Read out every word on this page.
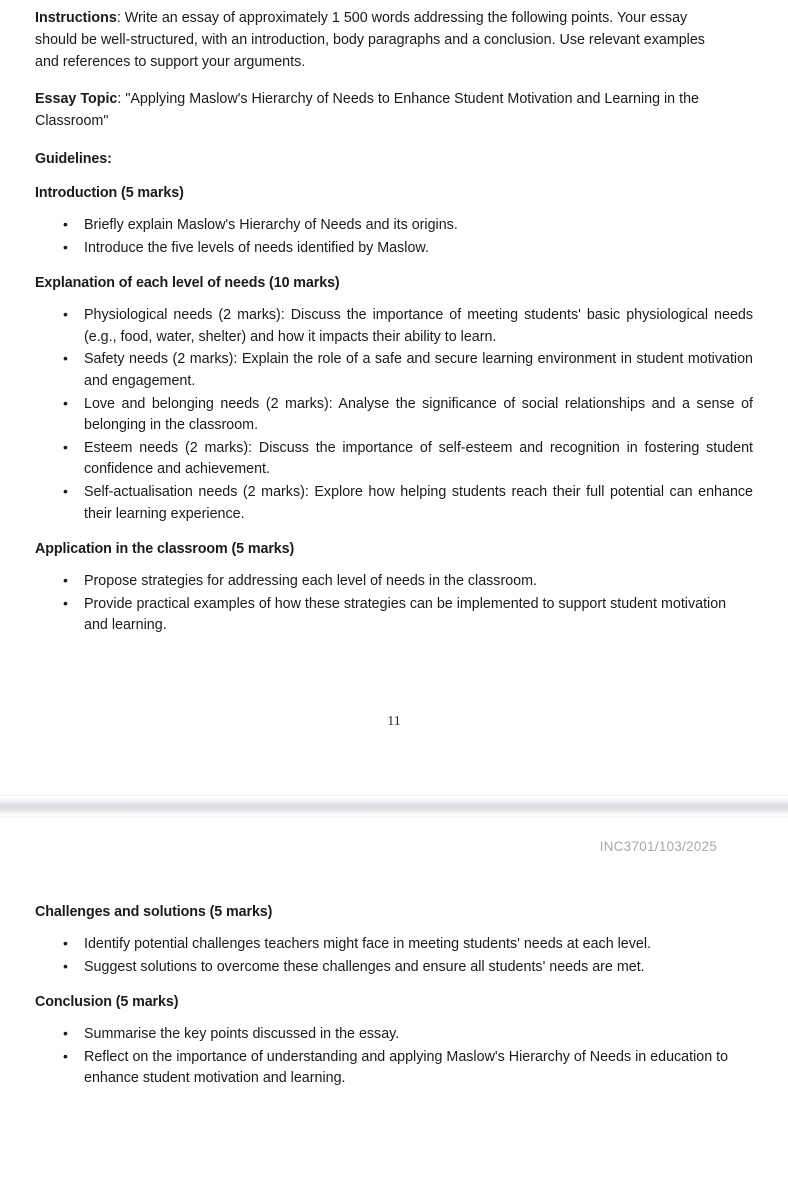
Instructions: Write an essay of approximately 1 500 words addressing the following points. Your essay should be well-structured, with an introduction, body paragraphs and a conclusion. Use relevant examples and references to support your arguments.

Essay Topic: "Applying Maslow's Hierarchy of Needs to Enhance Student Motivation and Learning in the Classroom"

Guidelines:
Introduction (5 marks)
• Briefly explain Maslow's Hierarchy of Needs and its origins.
• Introduce the five levels of needs identified by Maslow.
Explanation of each level of needs (10 marks)
• Physiological needs (2 marks): Discuss the importance of meeting students' basic physiological needs (e.g., food, water, shelter) and how it impacts their ability to learn.
• Safety needs (2 marks): Explain the role of a safe and secure learning environment in student motivation and engagement.
• Love and belonging needs (2 marks): Analyse the significance of social relationships and a sense of belonging in the classroom.
• Esteem needs (2 marks): Discuss the importance of self-esteem and recognition in fostering student confidence and achievement.
• Self-actualisation needs (2 marks): Explore how helping students reach their full potential can enhance their learning experience.
Application in the classroom (5 marks)
• Propose strategies for addressing each level of needs in the classroom.
• Provide practical examples of how these strategies can be implemented to support student motivation and learning.
11
INC3701/103/2025
Challenges and solutions (5 marks)
• Identify potential challenges teachers might face in meeting students' needs at each level.
• Suggest solutions to overcome these challenges and ensure all students' needs are met.
Conclusion (5 marks)
• Summarise the key points discussed in the essay.
• Reflect on the importance of understanding and applying Maslow's Hierarchy of Needs in education to enhance student motivation and learning.
